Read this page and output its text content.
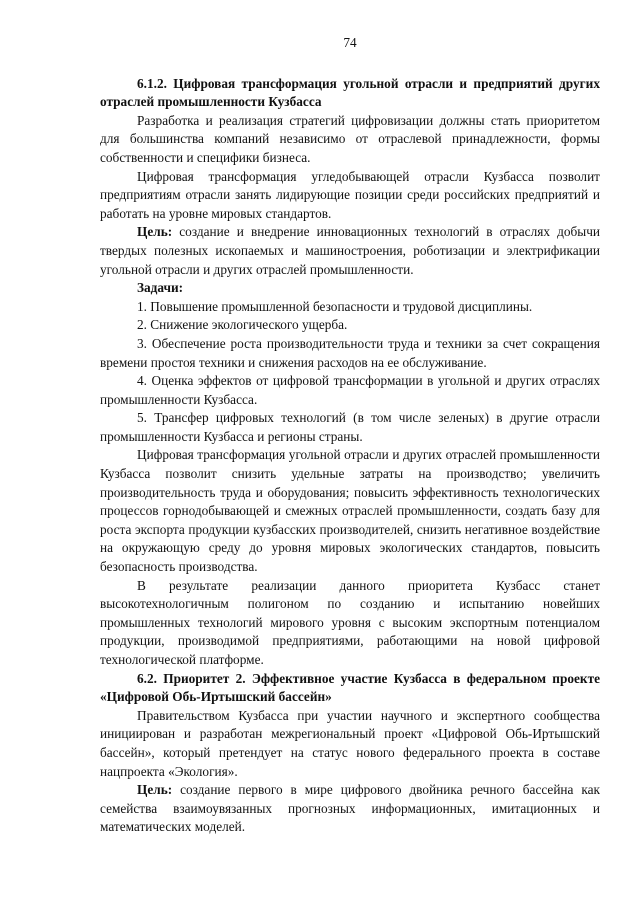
74

6.1.2. Цифровая трансформация угольной отрасли и предприятий других отраслей промышленности Кузбасса

Разработка и реализация стратегий цифровизации должны стать приоритетом для большинства компаний независимо от отраслевой принадлежности, формы собственности и специфики бизнеса.

Цифровая трансформация угледобывающей отрасли Кузбасса позволит предприятиям отрасли занять лидирующие позиции среди российских предприятий и работать на уровне мировых стандартов.

Цель: создание и внедрение инновационных технологий в отраслях добычи твердых полезных ископаемых и машиностроения, роботизации и электрификации угольной отрасли и других отраслей промышленности.

Задачи:

1. Повышение промышленной безопасности и трудовой дисциплины.

2. Снижение экологического ущерба.

3. Обеспечение роста производительности труда и техники за счет сокращения времени простоя техники и снижения расходов на ее обслуживание.

4. Оценка эффектов от цифровой трансформации в угольной и других отраслях промышленности Кузбасса.

5. Трансфер цифровых технологий (в том числе зеленых) в другие отрасли промышленности Кузбасса и регионы страны.

Цифровая трансформация угольной отрасли и других отраслей промышленности Кузбасса позволит снизить удельные затраты на производство; увеличить производительность труда и оборудования; повысить эффективность технологических процессов горнодобывающей и смежных отраслей промышленности, создать базу для роста экспорта продукции кузбасских производителей, снизить негативное воздействие на окружающую среду до уровня мировых экологических стандартов, повысить безопасность производства.

В результате реализации данного приоритета Кузбасс станет высокотехнологичным полигоном по созданию и испытанию новейших промышленных технологий мирового уровня с высоким экспортным потенциалом продукции, производимой предприятиями, работающими на новой цифровой технологической платформе.

6.2. Приоритет 2. Эффективное участие Кузбасса в федеральном проекте «Цифровой Обь-Иртышский бассейн»

Правительством Кузбасса при участии научного и экспертного сообщества инициирован и разработан межрегиональный проект «Цифровой Обь-Иртышский бассейн», который претендует на статус нового федерального проекта в составе нацпроекта «Экология».

Цель: создание первого в мире цифрового двойника речного бассейна как семейства взаимоувязанных прогнозных информационных, имитационных и математических моделей.
